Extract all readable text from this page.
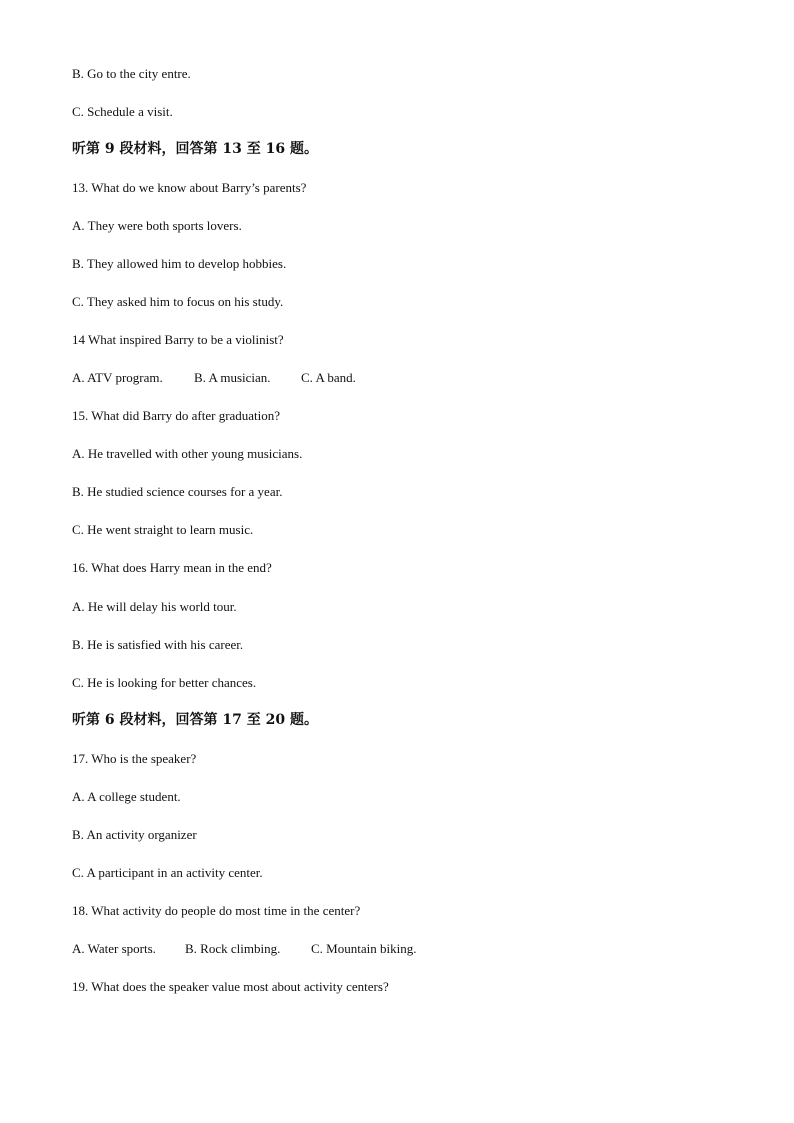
B. Go to the city entre.
C. Schedule a visit.
听第 9 段材料，回答第 13 至 16 题。
13. What do we know about Barry’s parents?
A. They were both sports lovers.
B. They allowed him to develop hobbies.
C. They asked him to focus on his study.
14 What inspired Barry to be a violinist?
A. ATV program. B. A musician. C. A band.
15. What did Barry do after graduation?
A. He travelled with other young musicians.
B. He studied science courses for a year.
C. He went straight to learn music.
16. What does Harry mean in the end?
A. He will delay his world tour.
B. He is satisfied with his career.
C. He is looking for better chances.
听第 6 段材料，回答第 17 至 20 题。
17. Who is the speaker?
A. A college student.
B. An activity organizer
C. A participant in an activity center.
18. What activity do people do most time in the center?
A. Water sports. B. Rock climbing. C. Mountain biking.
19. What does the speaker value most about activity centers?
